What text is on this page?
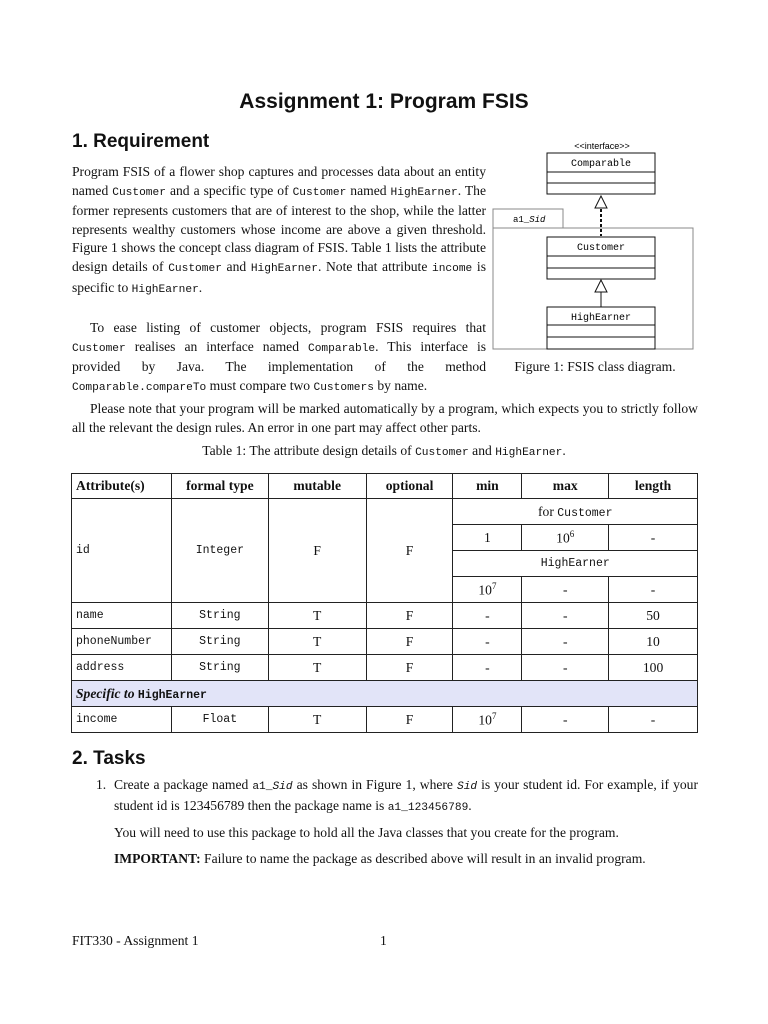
Assignment 1: Program FSIS
1. Requirement
Program FSIS of a flower shop captures and processes data about an entity named Customer and a specific type of Customer named HighEarner. The former represents customers that are of interest to the shop, while the latter represents wealthy customers whose income are above a given threshold. Figure 1 shows the concept class diagram of FSIS. Table 1 lists the attribute design details of Customer and HighEarner. Note that attribute income is specific to HighEarner.
To ease listing of customer objects, program FSIS requires that Customer realises an interface named Comparable. This interface is provided by Java. The implementation of the method Comparable.compareTo must compare two Customers by name.
<<interface>>
Comparable
a1_Sid
Customer
HighEarner
Figure 1: FSIS class diagram.
Please note that your program will be marked automatically by a program, which expects you to strictly follow all the relevant the design rules. An error in one part may affect other parts.
Table 1: The attribute design details of Customer and HighEarner.
Attribute(s)	formal type	mutable	optional	min	max	length
id	Integer	F	F	for Customer		
				1	$10^6$	-
				HighEarner		
				$10^7$	-	-
name	String	T	F	-	-	50
phoneNumber	String	T	F	-	-	10
address	String	T	F	-	-	100
Specific to HighEarner						
income	Float	T	F	$10^7$	-	-
2. Tasks
1. Create a package named a1_Sid as shown in Figure 1, where Sid is your student id. For example, if your student id is 123456789 then the package name is a1_123456789.
You will need to use this package to hold all the Java classes that you create for the program.
IMPORTANT: Failure to name the package as described above will result in an invalid program.
FIT330 - Assignment 1	1
